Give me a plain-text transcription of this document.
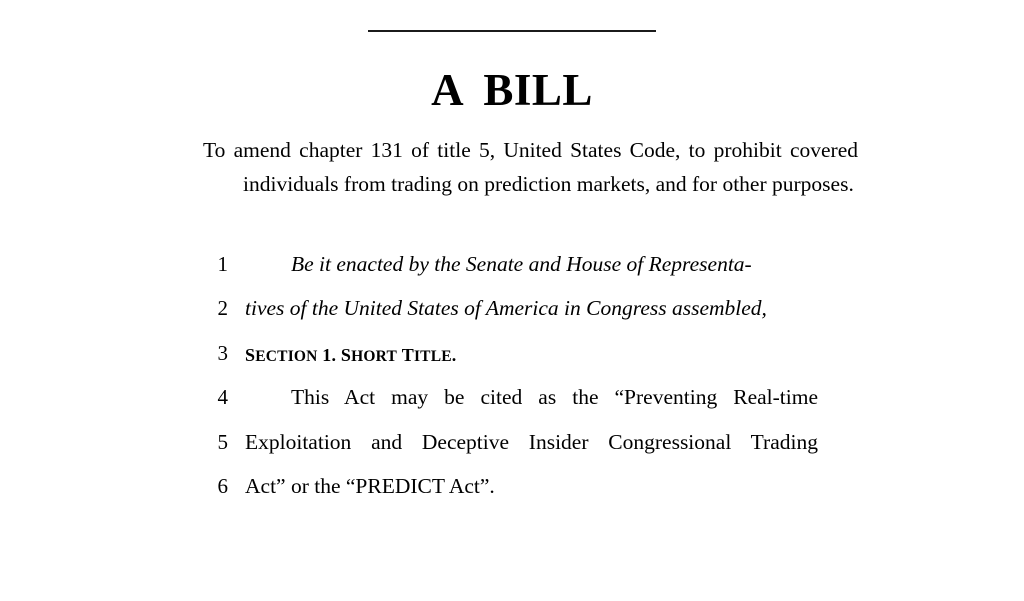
A BILL
To amend chapter 131 of title 5, United States Code, to prohibit covered individuals from trading on prediction markets, and for other purposes.
1	Be it enacted by the Senate and House of Representa-
2 tives of the United States of America in Congress assembled,
3 SECTION 1. SHORT TITLE.
4	This Act may be cited as the “Preventing Real-time
5 Exploitation and Deceptive Insider Congressional Trading
6 Act” or the “PREDICT Act”.
